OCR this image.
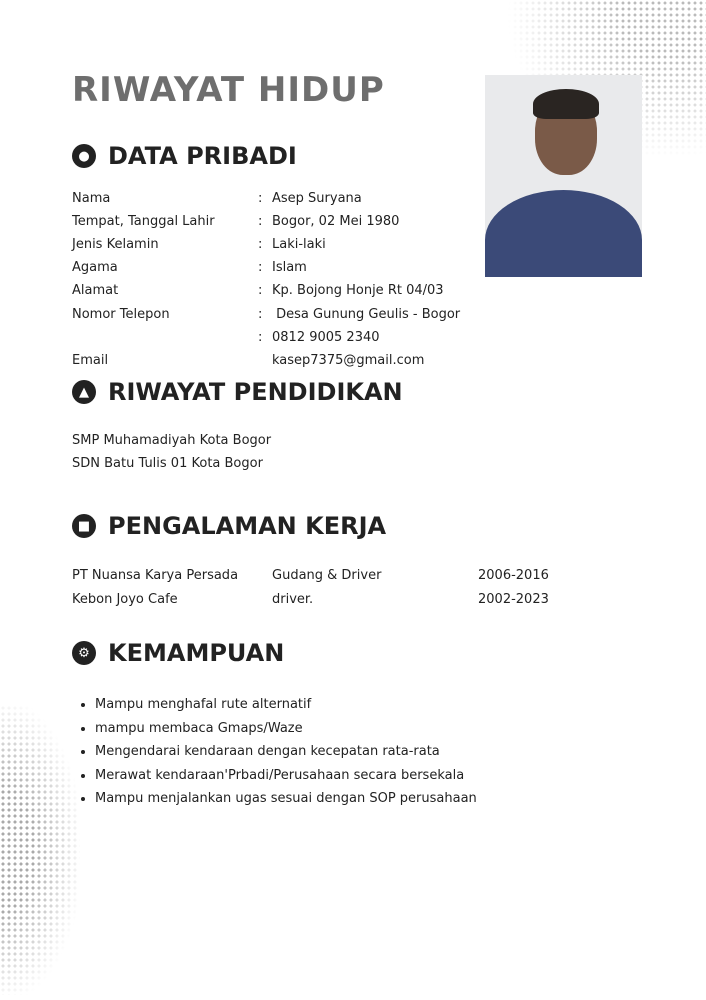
RIWAYAT HIDUP
● DATA PRIBADI
Nama	: Asep Suryana
Tempat, Tanggal Lahir	: Bogor, 02 Mei 1980
Jenis Kelamin	: Laki-laki
Agama	: Islam
Alamat	: Kp. Bojong Honje Rt 04/03
Nomor Telepon	: Desa Gunung Geulis - Bogor
: 0812 9005 2340
Email	kasep7375@gmail.com
▲ RIWAYAT PENDIDIKAN
SMP Muhamadiyah Kota Bogor
SDN Batu Tulis 01 Kota Bogor
■ PENGALAMAN KERJA
PT Nuansa Karya Persada	Gudang & Driver	2006-2016
Kebon Joyo Cafe	driver.	2002-2023
⚙ KEMAMPUAN
• Mampu menghafal rute alternatif
• mampu membaca Gmaps/Waze
• Mengendarai kendaraan dengan kecepatan rata-rata
• Merawat kendaraan'Prbadi/Perusahaan secara bersekala
• Mampu menjalankan ugas sesuai dengan SOP perusahaan
